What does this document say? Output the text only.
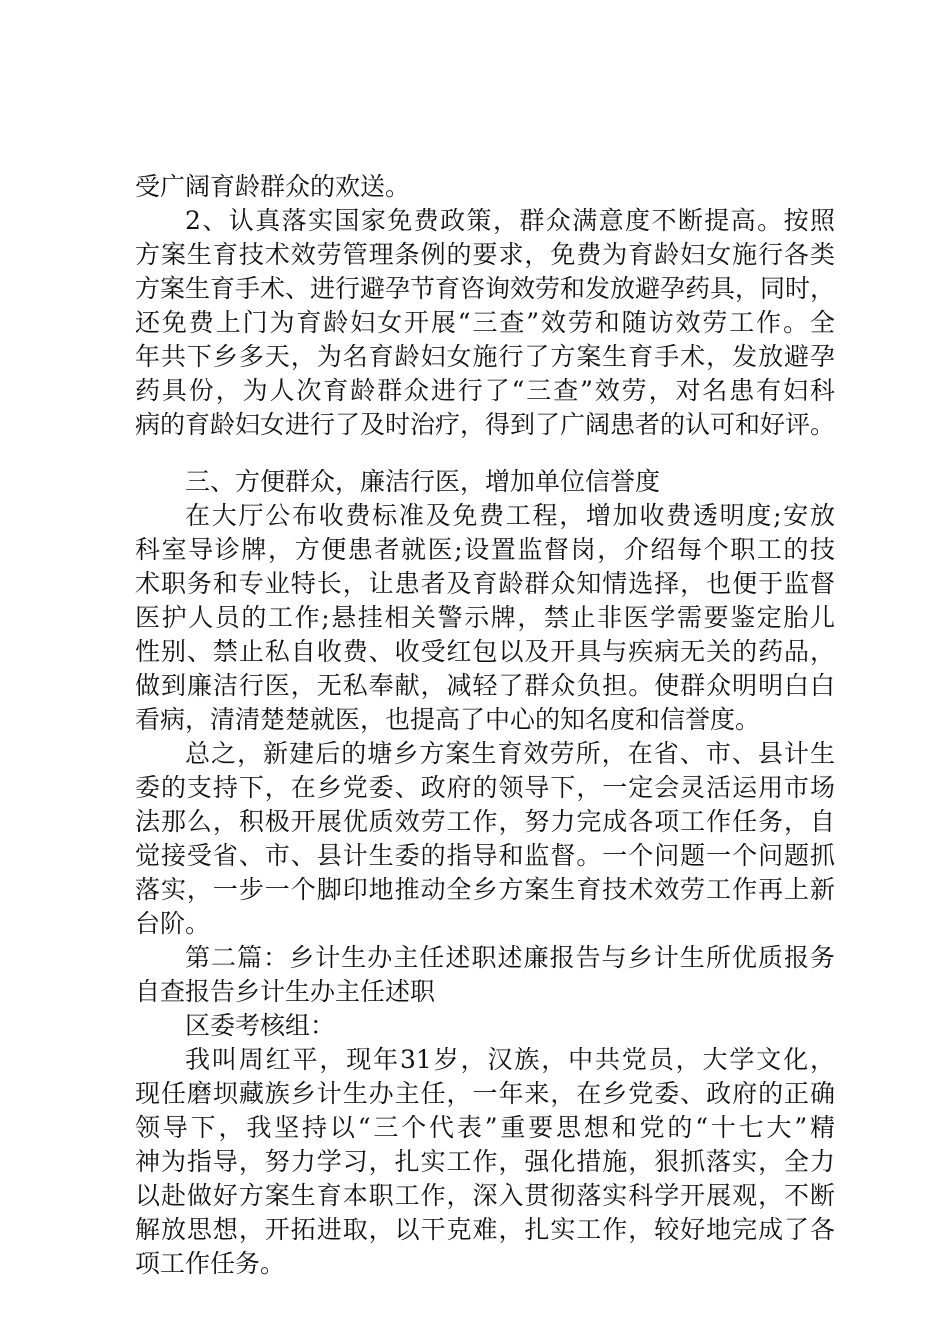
受广阔育龄群众的欢送。
2、认真落实国家免费政策，群众满意度不断提高。按照
方案生育技术效劳管理条例的要求，免费为育龄妇女施行各类
方案生育手术、进行避孕节育咨询效劳和发放避孕药具，同时，
还免费上门为育龄妇女开展“三查”效劳和随访效劳工作。全
年共下乡多天，为名育龄妇女施行了方案生育手术，发放避孕
药具份，为人次育龄群众进行了“三查”效劳，对名患有妇科
病的育龄妇女进行了及时治疗，得到了广阔患者的认可和好评。
三、方便群众，廉洁行医，增加单位信誉度
在大厅公布收费标准及免费工程，增加收费透明度;安放
科室导诊牌，方便患者就医;设置监督岗，介绍每个职工的技
术职务和专业特长，让患者及育龄群众知情选择，也便于监督
医护人员的工作;悬挂相关警示牌，禁止非医学需要鉴定胎儿
性别、禁止私自收费、收受红包以及开具与疾病无关的药品，
做到廉洁行医，无私奉献，减轻了群众负担。使群众明明白白
看病，清清楚楚就医，也提高了中心的知名度和信誉度。
总之，新建后的塘乡方案生育效劳所，在省、市、县计生
委的支持下，在乡党委、政府的领导下，一定会灵活运用市场
法那么，积极开展优质效劳工作，努力完成各项工作任务，自
觉接受省、市、县计生委的指导和监督。一个问题一个问题抓
落实，一步一个脚印地推动全乡方案生育技术效劳工作再上新
台阶。
第二篇：乡计生办主任述职述廉报告与乡计生所优质报务
自查报告乡计生办主任述职
区委考核组：
我叫周红平，现年31岁，汉族，中共党员，大学文化，
现任磨坝藏族乡计生办主任，一年来，在乡党委、政府的正确
领导下，我坚持以“三个代表”重要思想和党的“十七大”精
神为指导，努力学习，扎实工作，强化措施，狠抓落实，全力
以赴做好方案生育本职工作，深入贯彻落实科学开展观，不断
解放思想，开拓进取，以干克难，扎实工作，较好地完成了各
项工作任务。
